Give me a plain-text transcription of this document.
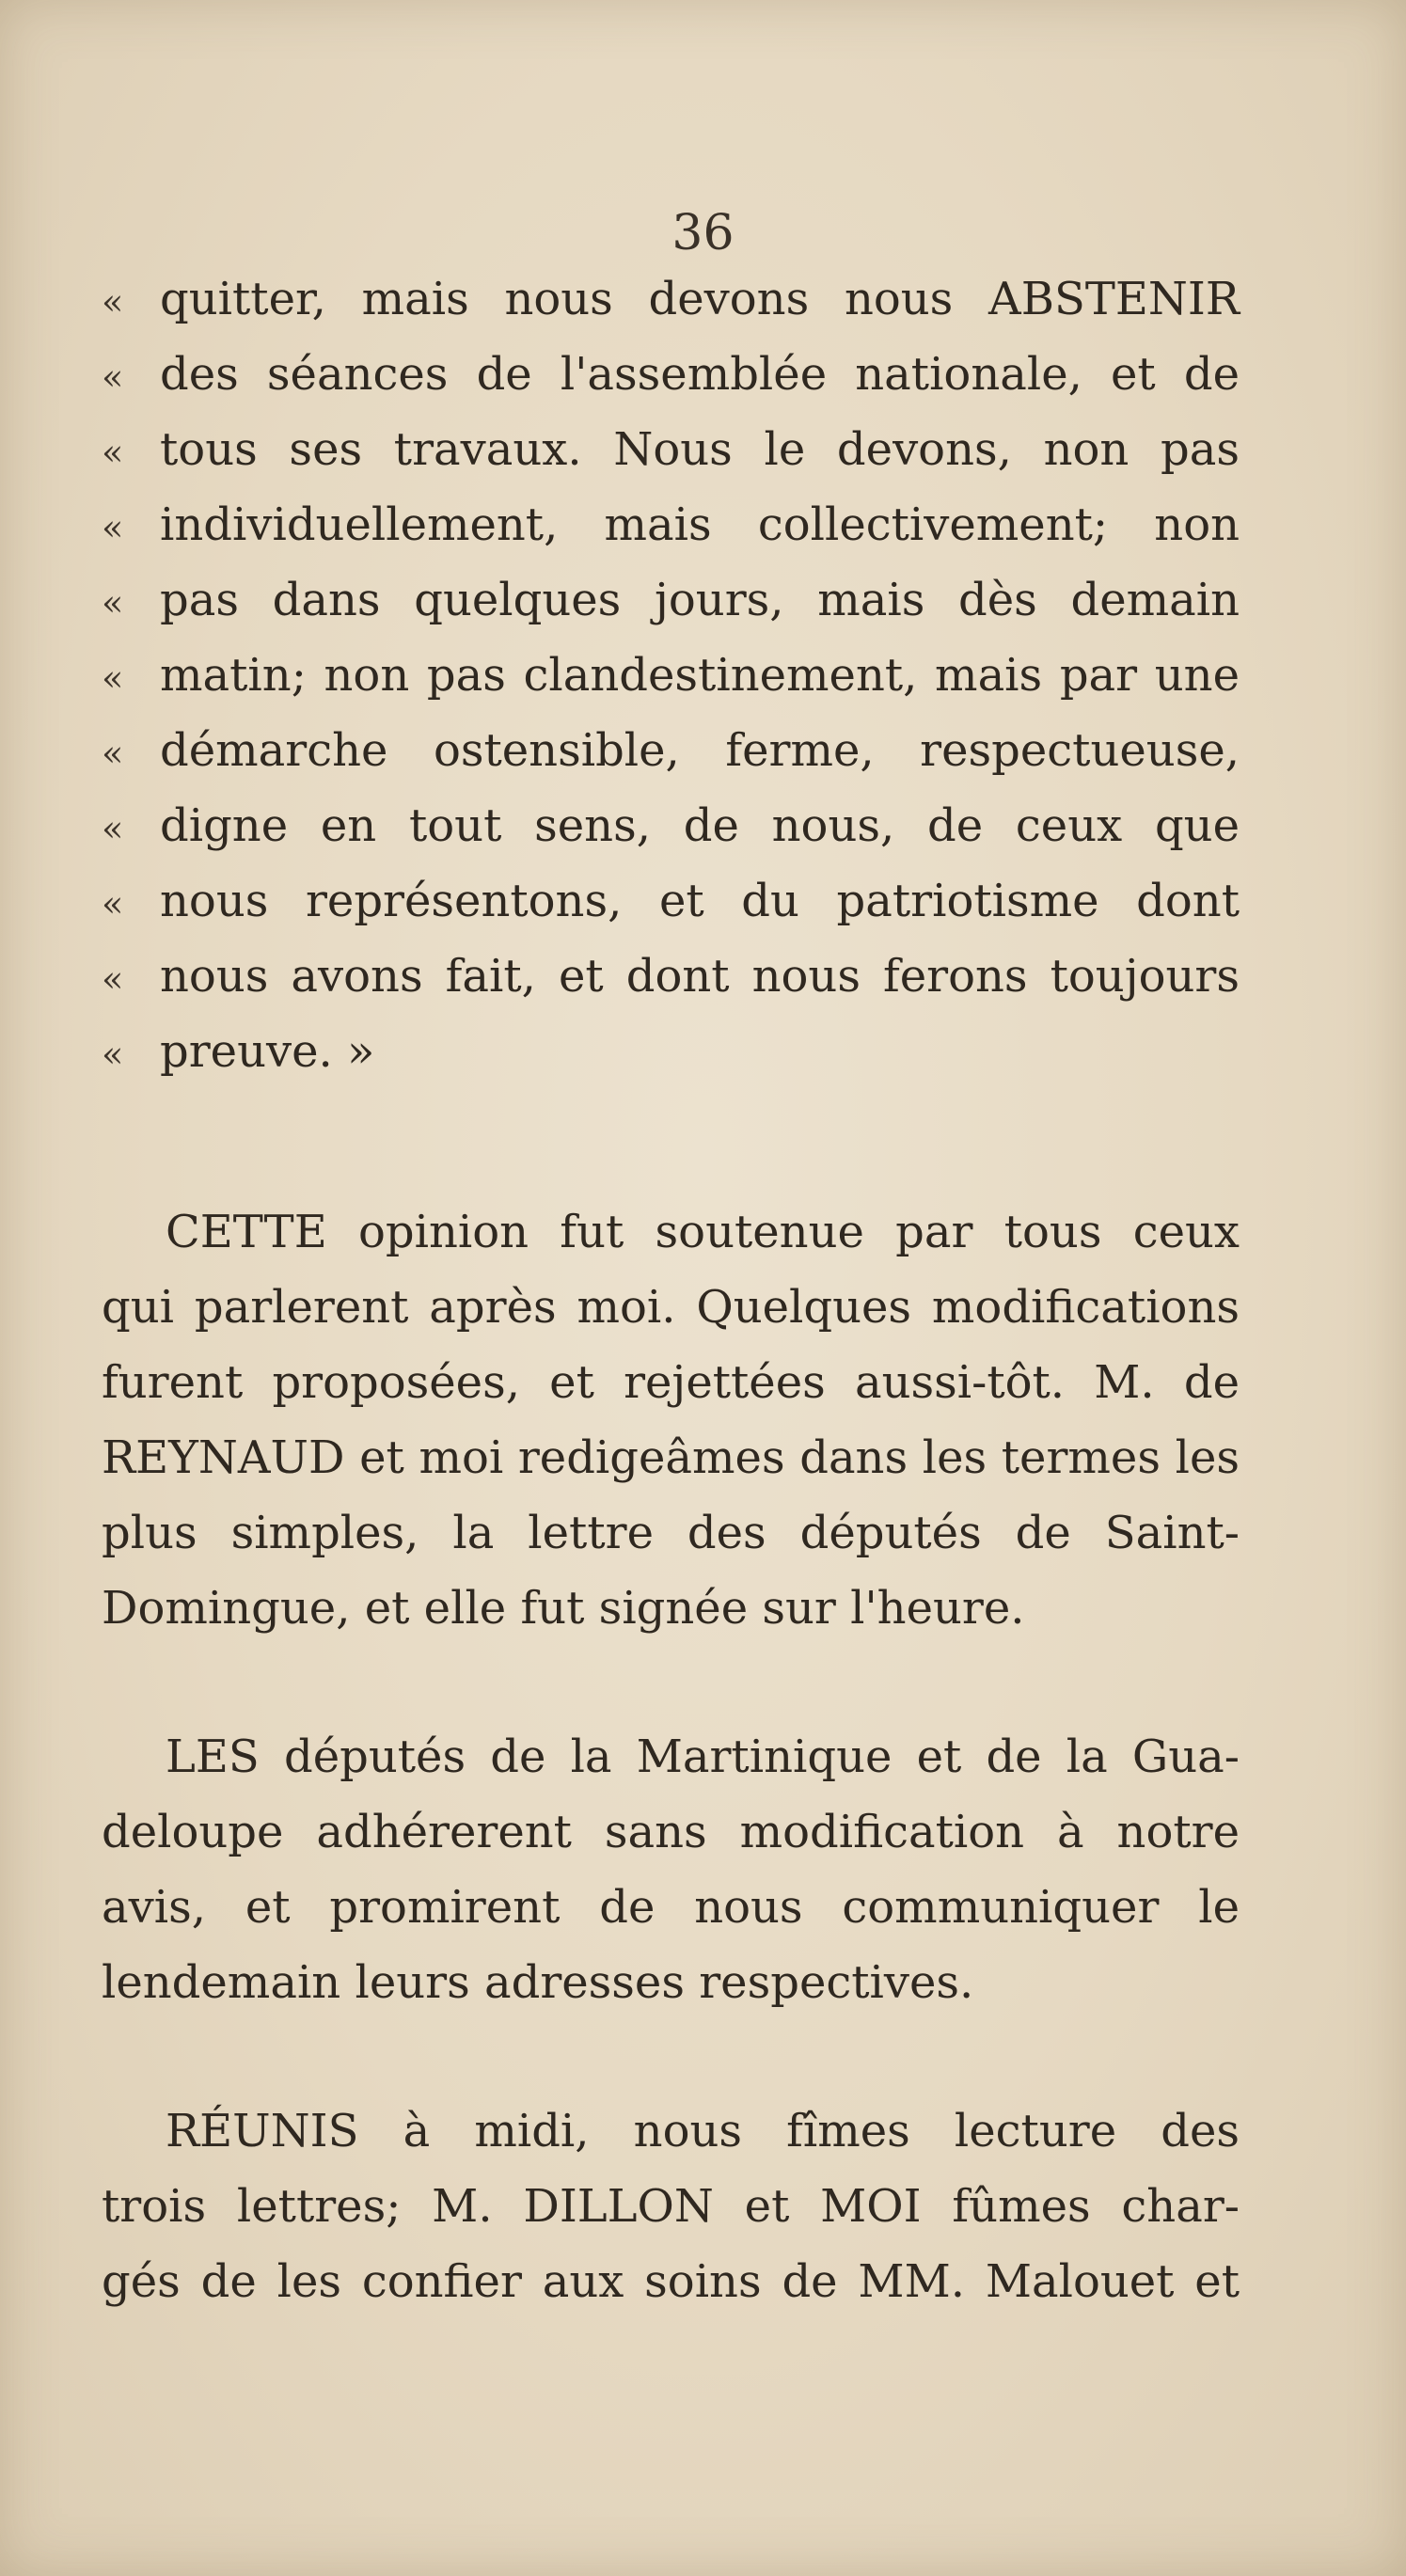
36

« quitter, mais nous devons nous ABSTENIR
« des séances de l'assemblée nationale, et de
« tous ses travaux. Nous le devons, non pas
« individuellement, mais collectivement; non
« pas dans quelques jours, mais dès demain
« matin; non pas clandestinement, mais par une
« démarche ostensible, ferme, respectueuse,
« digne en tout sens, de nous, de ceux que
« nous représentons, et du patriotisme dont
« nous avons fait, et dont nous ferons toujours
« preuve. »
CETTE opinion fut soutenue par tous ceux
qui parlerent après moi. Quelques modifications
furent proposées, et rejettées aussi-tôt. M. de
REYNAUD et moi redigeâmes dans les termes les
plus simples, la lettre des députés de Saint-
Domingue, et elle fut signée sur l'heure.
LES députés de la Martinique et de la Gua-
deloupe adhérerent sans modification à notre
avis, et promirent de nous communiquer le
lendemain leurs adresses respectives.
RÉUNIS à midi, nous fîmes lecture des
trois lettres; M. DILLON et MOI fûmes char-
gés de les confier aux soins de MM. Malouet et
